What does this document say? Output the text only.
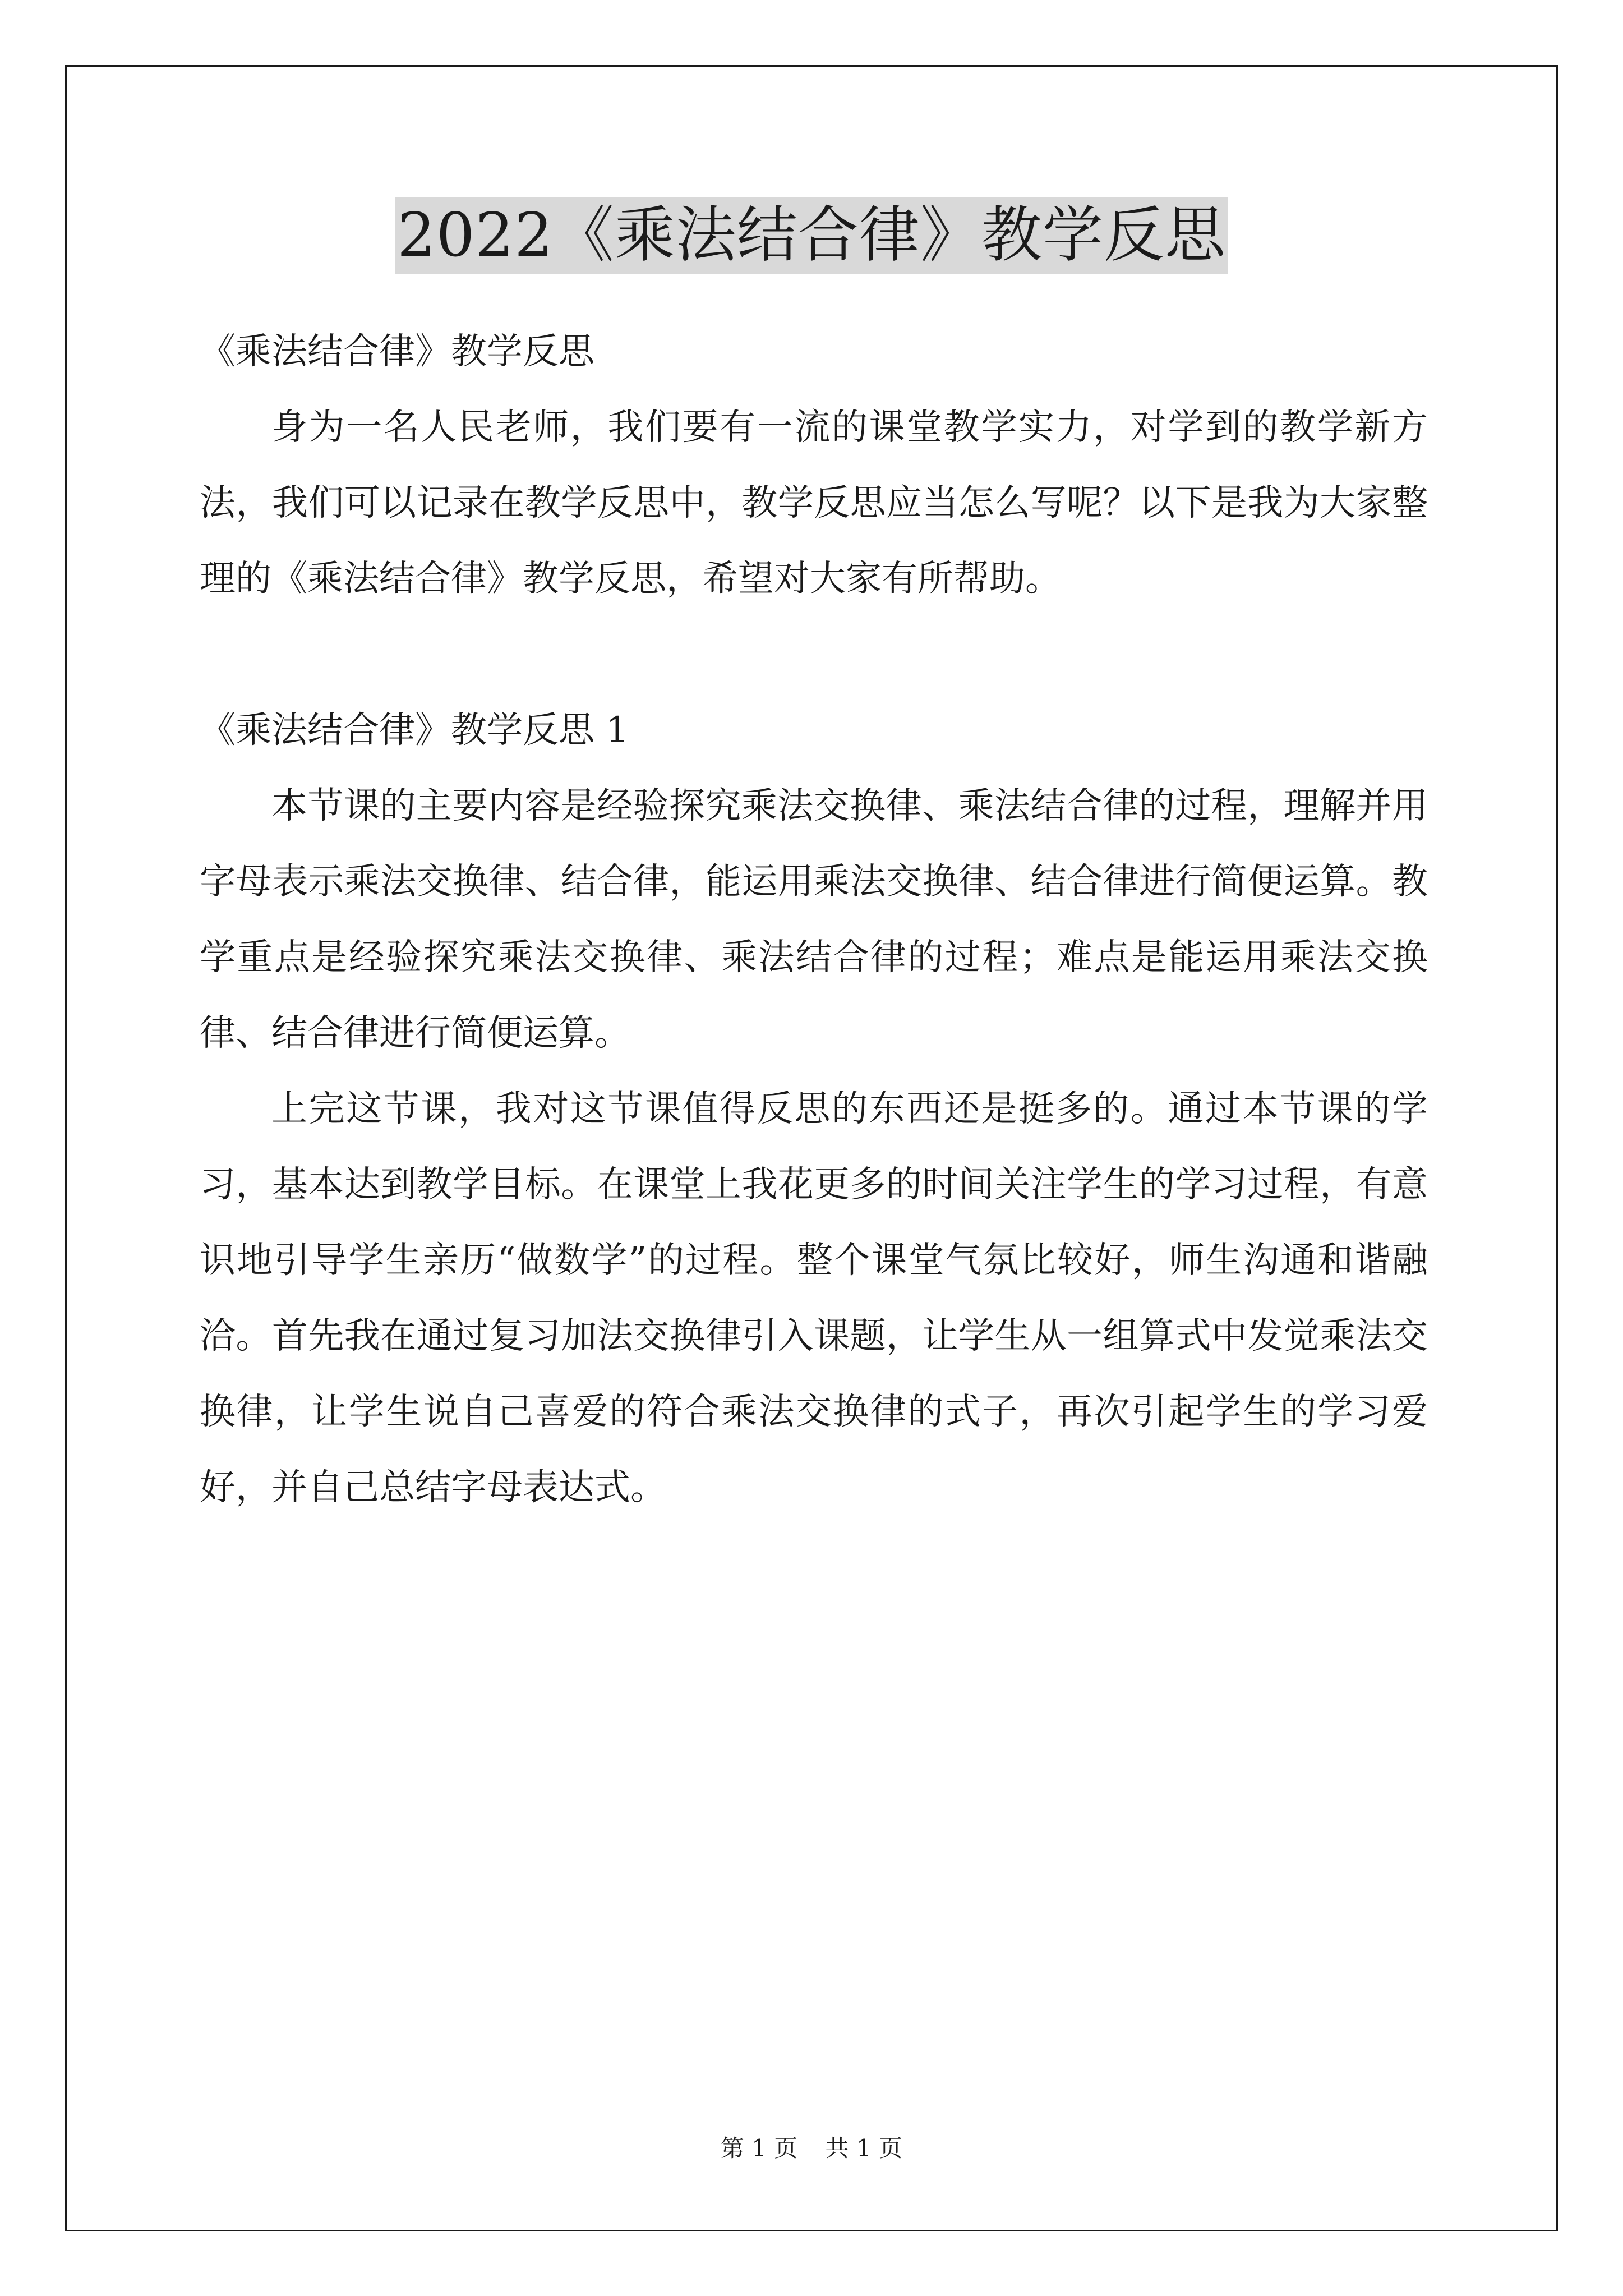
2022《乘法结合律》教学反思

《乘法结合律》教学反思

身为一名人民老师，我们要有一流的课堂教学实力，对学到的教学新方法，我们可以记录在教学反思中，教学反思应当怎么写呢？以下是我为大家整理的《乘法结合律》教学反思，希望对大家有所帮助。

《乘法结合律》教学反思 1

本节课的主要内容是经验探究乘法交换律、乘法结合律的过程，理解并用字母表示乘法交换律、结合律，能运用乘法交换律、结合律进行简便运算。教学重点是经验探究乘法交换律、乘法结合律的过程；难点是能运用乘法交换律、结合律进行简便运算。

上完这节课，我对这节课值得反思的东西还是挺多的。通过本节课的学习，基本达到教学目标。在课堂上我花更多的时间关注学生的学习过程，有意识地引导学生亲历“做数学”的过程。整个课堂气氛比较好，师生沟通和谐融洽。首先我在通过复习加法交换律引入课题，让学生从一组算式中发觉乘法交换律，让学生说自己喜爱的符合乘法交换律的式子，再次引起学生的学习爱好，并自己总结字母表达式。

第 1 页 共 1 页
